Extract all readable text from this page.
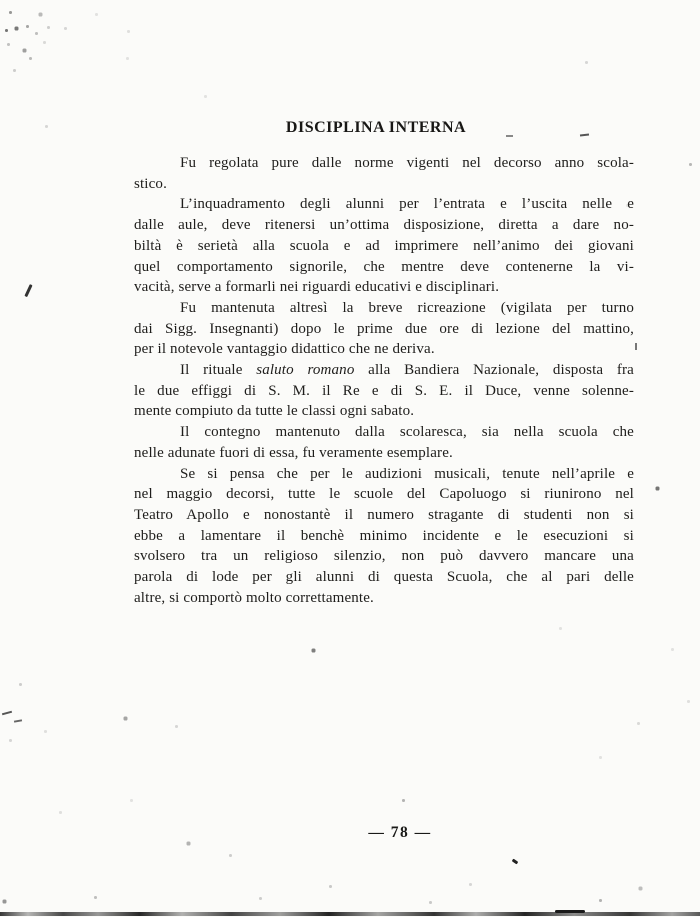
DISCIPLINA INTERNA
Fu regolata pure dalle norme vigenti nel decorso anno scola-
stico.
L’inquadramento degli alunni per l’entrata e l’uscita nelle e
dalle aule, deve ritenersi un’ottima disposizione, diretta a dare no-
biltà è serietà alla scuola e ad imprimere nell’animo dei giovani
quel comportamento signorile, che mentre deve contenerne la vi-
vacità, serve a formarli nei riguardi educativi e disciplinari.
Fu mantenuta altresì la breve ricreazione (vigilata per turno
dai Sigg. Insegnanti) dopo le prime due ore di lezione del mattino,
per il notevole vantaggio didattico che ne deriva.
Il rituale saluto romano alla Bandiera Nazionale, disposta fra
le due effiggi di S. M. il Re e di S. E. il Duce, venne solenne-
mente compiuto da tutte le classi ogni sabato.
Il contegno mantenuto dalla scolaresca, sia nella scuola che
nelle adunate fuori di essa, fu veramente esemplare.
Se si pensa che per le audizioni musicali, tenute nell’aprile e
nel maggio decorsi, tutte le scuole del Capoluogo si riunirono nel
Teatro Apollo e nonostantè il numero stragante di studenti non si
ebbe a lamentare il benchè minimo incidente e le esecuzioni si
svolsero tra un religioso silenzio, non può davvero mancare una
parola di lode per gli alunni di questa Scuola, che al pari delle
altre, si comportò molto correttamente.
— 78 —
